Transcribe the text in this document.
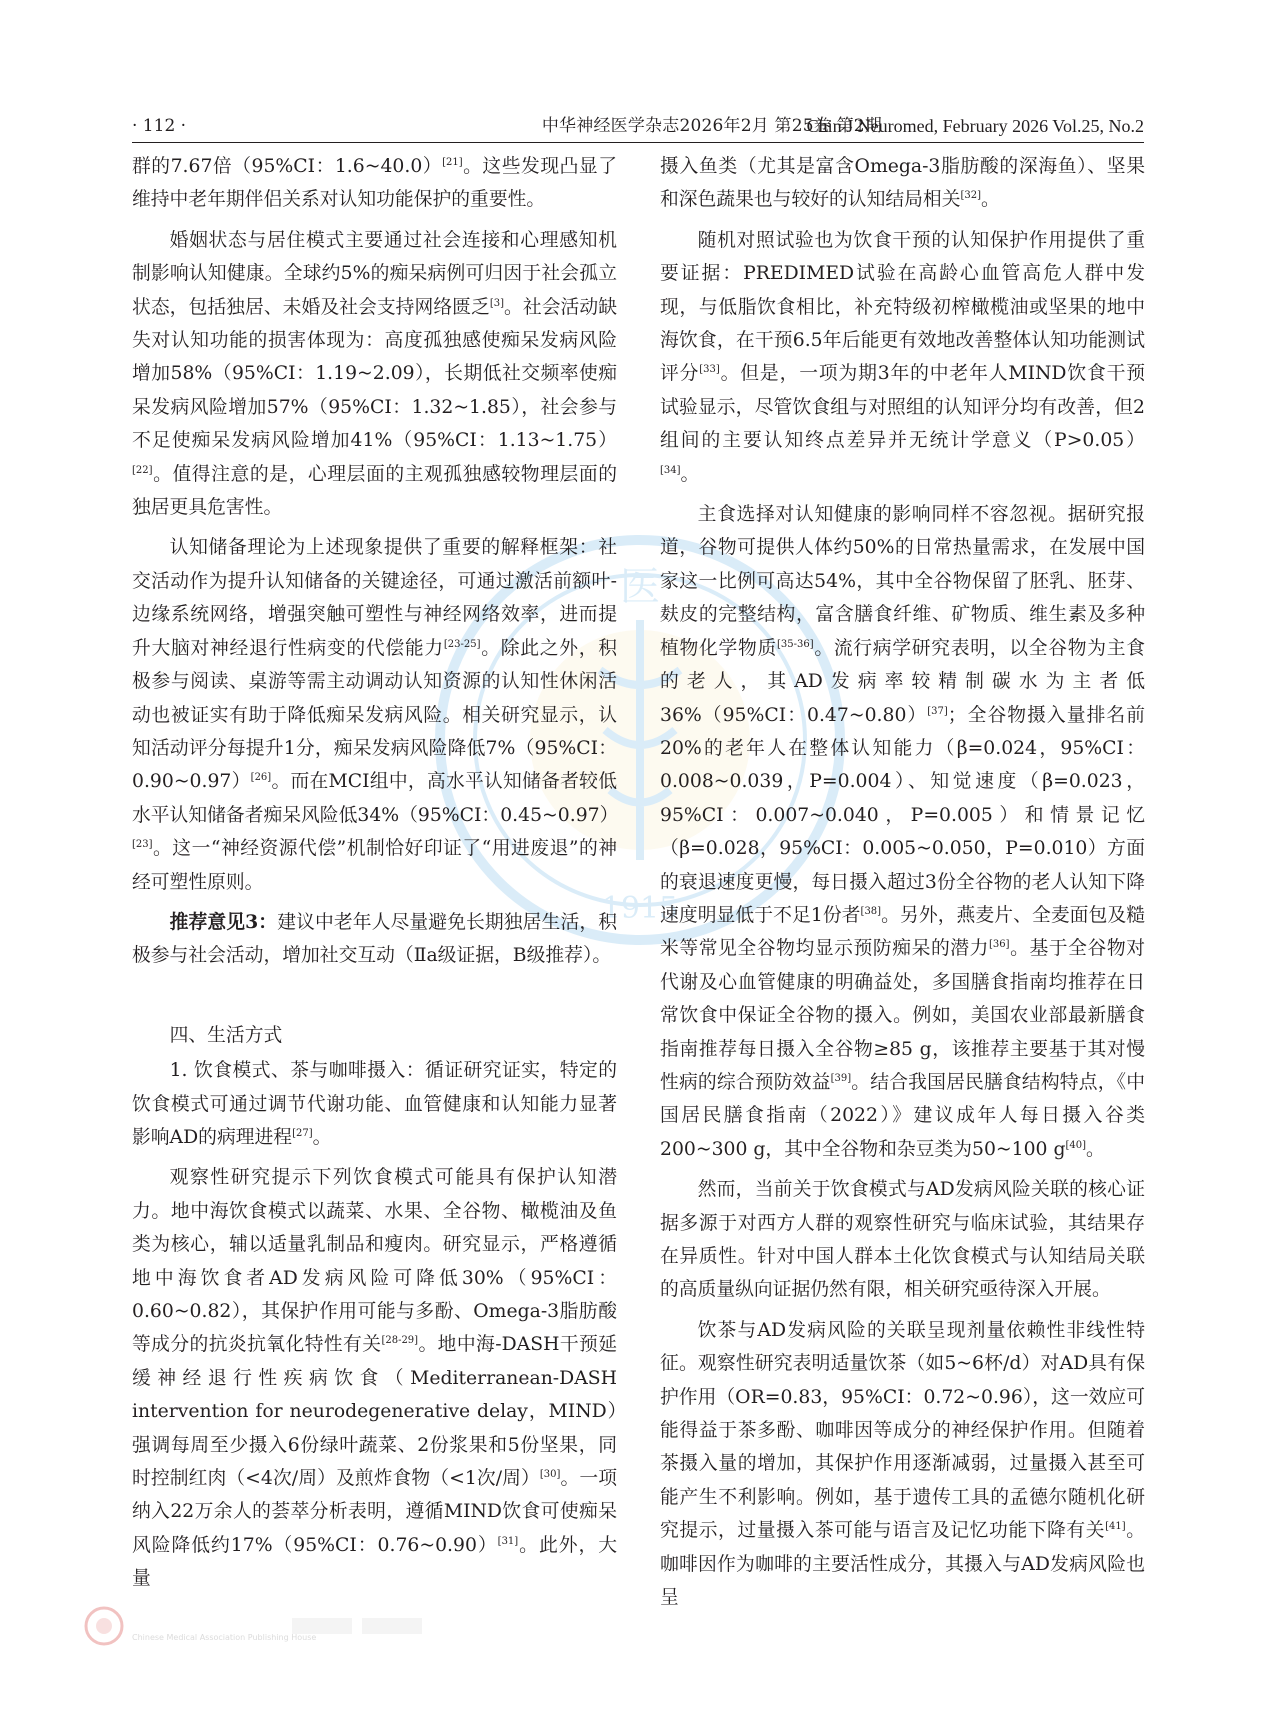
· 112 ·	中华神经医学杂志2026年2月 第25卷 第2期
Chin J Neuromed, February 2026 Vol.25, No.2
医
1915

群的7.67倍（95%CI：1.6~40.0）[21]。这些发现凸显了维持中老年期伴侣关系对认知功能保护的重要性。

婚姻状态与居住模式主要通过社会连接和心理感知机制影响认知健康。全球约5%的痴呆病例可归因于社会孤立状态，包括独居、未婚及社会支持网络匮乏[3]。社会活动缺失对认知功能的损害体现为：高度孤独感使痴呆发病风险增加58%（95%CI：1.19~2.09），长期低社交频率使痴呆发病风险增加57%（95%CI：1.32~1.85），社会参与不足使痴呆发病风险增加41%（95%CI：1.13~1.75）[22]。值得注意的是，心理层面的主观孤独感较物理层面的独居更具危害性。

认知储备理论为上述现象提供了重要的解释框架：社交活动作为提升认知储备的关键途径，可通过激活前额叶-边缘系统网络，增强突触可塑性与神经网络效率，进而提升大脑对神经退行性病变的代偿能力[23-25]。除此之外，积极参与阅读、桌游等需主动调动认知资源的认知性休闲活动也被证实有助于降低痴呆发病风险。相关研究显示，认知活动评分每提升1分，痴呆发病风险降低7%（95%CI：0.90~0.97）[26]。而在MCI组中，高水平认知储备者较低水平认知储备者痴呆风险低34%（95%CI：0.45~0.97）[23]。这一“神经资源代偿”机制恰好印证了“用进废退”的神经可塑性原则。

推荐意见3：建议中老年人尽量避免长期独居生活，积极参与社会活动，增加社交互动（Ⅱa级证据，B级推荐）。

四、生活方式

1. 饮食模式、茶与咖啡摄入：循证研究证实，特定的饮食模式可通过调节代谢功能、血管健康和认知能力显著影响AD的病理进程[27]。

观察性研究提示下列饮食模式可能具有保护认知潜力。地中海饮食模式以蔬菜、水果、全谷物、橄榄油及鱼类为核心，辅以适量乳制品和瘦肉。研究显示，严格遵循地中海饮食者AD发病风险可降低30%（95%CI：0.60~0.82），其保护作用可能与多酚、Omega-3脂肪酸等成分的抗炎抗氧化特性有关[28-29]。地中海-DASH干预延缓神经退行性疾病饮食（Mediterranean-DASH intervention for neurodegenerative delay，MIND）强调每周至少摄入6份绿叶蔬菜、2份浆果和5份坚果，同时控制红肉（<4次/周）及煎炸食物（<1次/周）[30]。一项纳入22万余人的荟萃分析表明，遵循MIND饮食可使痴呆风险降低约17%（95%CI：0.76~0.90）[31]。此外，大量

摄入鱼类（尤其是富含Omega-3脂肪酸的深海鱼）、坚果和深色蔬果也与较好的认知结局相关[32]。

随机对照试验也为饮食干预的认知保护作用提供了重要证据：PREDIMED试验在高龄心血管高危人群中发现，与低脂饮食相比，补充特级初榨橄榄油或坚果的地中海饮食，在干预6.5年后能更有效地改善整体认知功能测试评分[33]。但是，一项为期3年的中老年人MIND饮食干预试验显示，尽管饮食组与对照组的认知评分均有改善，但2组间的主要认知终点差异并无统计学意义（P>0.05）[34]。

主食选择对认知健康的影响同样不容忽视。据研究报道，谷物可提供人体约50%的日常热量需求，在发展中国家这一比例可高达54%，其中全谷物保留了胚乳、胚芽、麸皮的完整结构，富含膳食纤维、矿物质、维生素及多种植物化学物质[35-36]。流行病学研究表明，以全谷物为主食的老人，其AD发病率较精制碳水为主者低36%（95%CI：0.47~0.80）[37]；全谷物摄入量排名前20%的老年人在整体认知能力（β=0.024，95%CI：0.008~0.039，P=0.004）、知觉速度（β=0.023，95%CI：0.007~0.040，P=0.005）和情景记忆（β=0.028，95%CI：0.005~0.050，P=0.010）方面的衰退速度更慢，每日摄入超过3份全谷物的老人认知下降速度明显低于不足1份者[38]。另外，燕麦片、全麦面包及糙米等常见全谷物均显示预防痴呆的潜力[36]。基于全谷物对代谢及心血管健康的明确益处，多国膳食指南均推荐在日常饮食中保证全谷物的摄入。例如，美国农业部最新膳食指南推荐每日摄入全谷物≥85 g，该推荐主要基于其对慢性病的综合预防效益[39]。结合我国居民膳食结构特点，《中国居民膳食指南（2022）》建议成年人每日摄入谷类200~300 g，其中全谷物和杂豆类为50~100 g[40]。

然而，当前关于饮食模式与AD发病风险关联的核心证据多源于对西方人群的观察性研究与临床试验，其结果存在异质性。针对中国人群本土化饮食模式与认知结局关联的高质量纵向证据仍然有限，相关研究亟待深入开展。

饮茶与AD发病风险的关联呈现剂量依赖性非线性特征。观察性研究表明适量饮茶（如5~6杯/d）对AD具有保护作用（OR=0.83，95%CI：0.72~0.96），这一效应可能得益于茶多酚、咖啡因等成分的神经保护作用。但随着茶摄入量的增加，其保护作用逐渐减弱，过量摄入甚至可能产生不利影响。例如，基于遗传工具的孟德尔随机化研究提示，过量摄入茶可能与语言及记忆功能下降有关[41]。咖啡因作为咖啡的主要活性成分，其摄入与AD发病风险也呈

Chinese Medical Association Publishing House
